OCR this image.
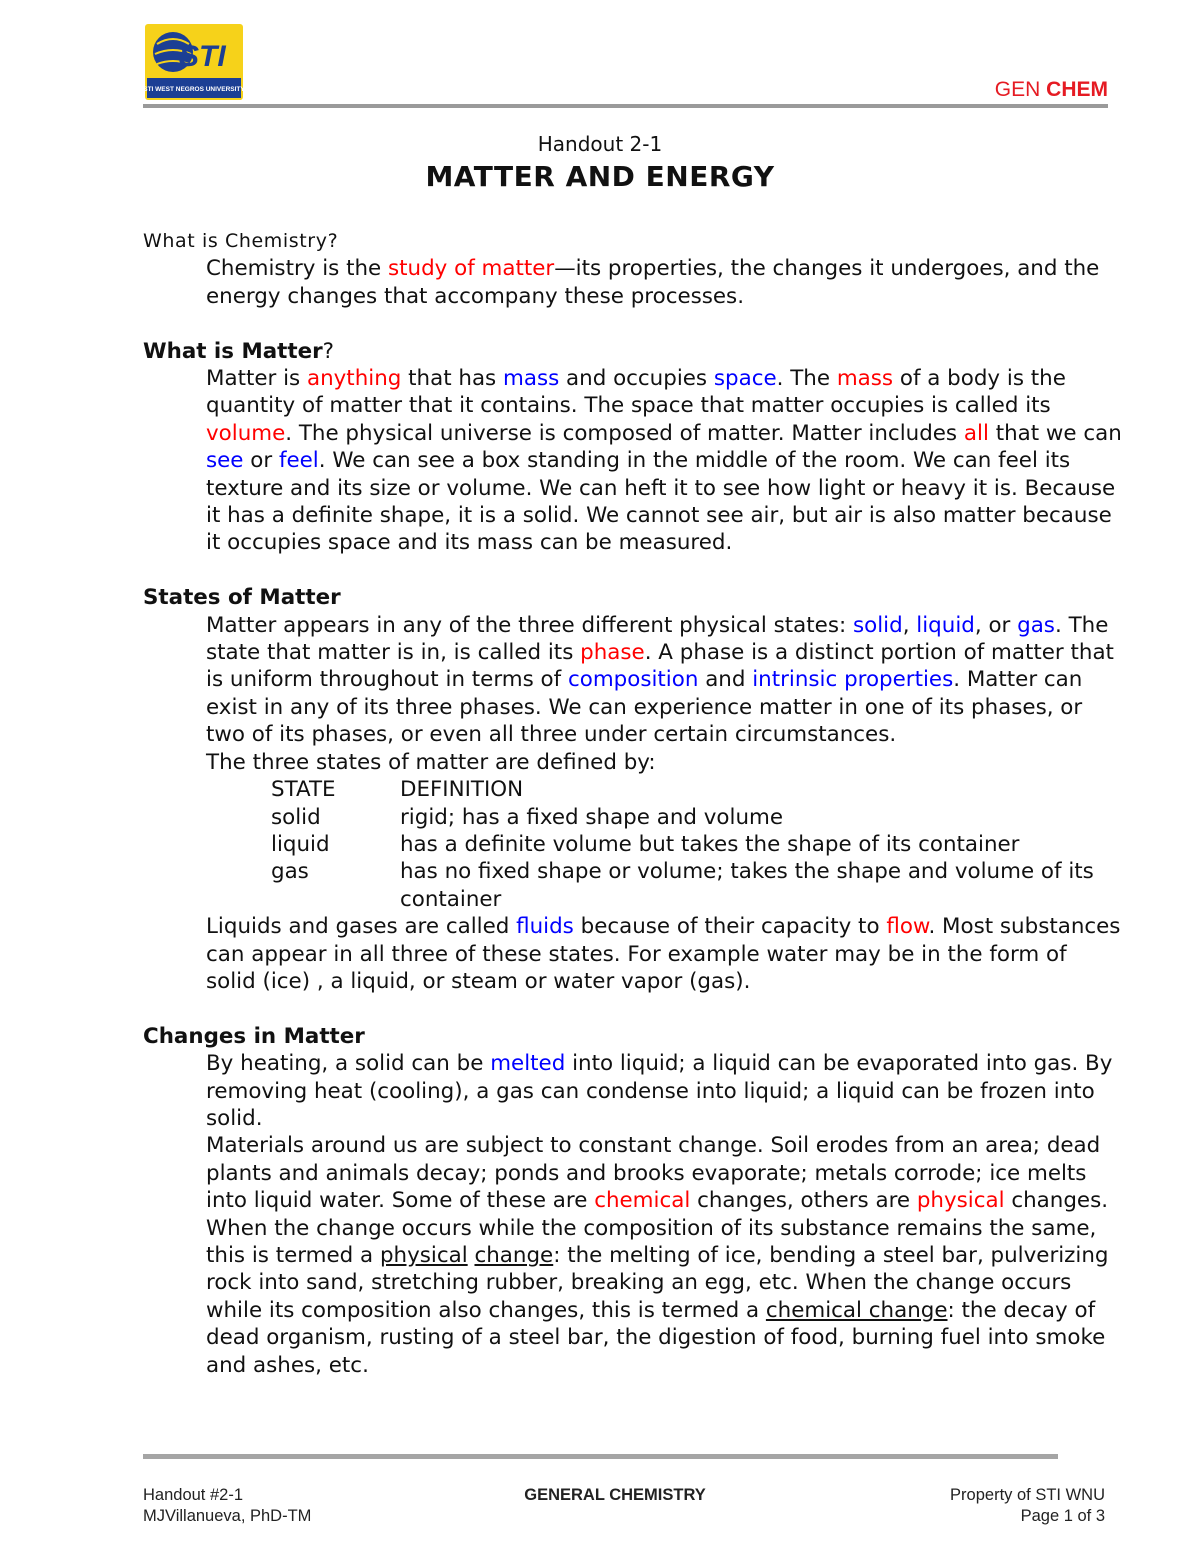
STI
STI WEST NEGROS UNIVERSITY	GEN CHEM
Handout 2-1
MATTER AND ENERGY

What is Chemistry?

Chemistry is the study of matter—its properties, the changes it undergoes, and the energy changes that accompany these processes.

What is Matter?

Matter is anything that has mass and occupies space. The mass of a body is the quantity of matter that it contains. The space that matter occupies is called its volume. The physical universe is composed of matter. Matter includes all that we can see or feel. We can see a box standing in the middle of the room. We can feel its texture and its size or volume. We can heft it to see how light or heavy it is. Because it has a definite shape, it is a solid. We cannot see air, but air is also matter because it occupies space and its mass can be measured.

States of Matter

Matter appears in any of the three different physical states: solid, liquid, or gas. The state that matter is in, is called its phase. A phase is a distinct portion of matter that is uniform throughout in terms of composition and intrinsic properties. Matter can exist in any of its three phases. We can experience matter in one of its phases, or two of its phases, or even all three under certain circumstances.

The three states of matter are defined by:

STATE	DEFINITION
solid	rigid; has a fixed shape and volume
liquid	has a definite volume but takes the shape of its container
gas	has no fixed shape or volume; takes the shape and volume of its container

Liquids and gases are called fluids because of their capacity to flow. Most substances can appear in all three of these states. For example water may be in the form of solid (ice) , a liquid, or steam or water vapor (gas).

Changes in Matter

By heating, a solid can be melted into liquid; a liquid can be evaporated into gas. By removing heat (cooling), a gas can condense into liquid; a liquid can be frozen into solid.

Materials around us are subject to constant change. Soil erodes from an area; dead plants and animals decay; ponds and brooks evaporate; metals corrode; ice melts into liquid water. Some of these are chemical changes, others are physical changes. When the change occurs while the composition of its substance remains the same, this is termed a physical change: the melting of ice, bending a steel bar, pulverizing rock into sand, stretching rubber, breaking an egg, etc. When the change occurs while its composition also changes, this is termed a chemical change: the decay of dead organism, rusting of a steel bar, the digestion of food, burning fuel into smoke and ashes, etc.

Handout #2-1
MJVillanueva, PhD-TM
GENERAL CHEMISTRY	Property of STI WNU
Page 1 of 3
